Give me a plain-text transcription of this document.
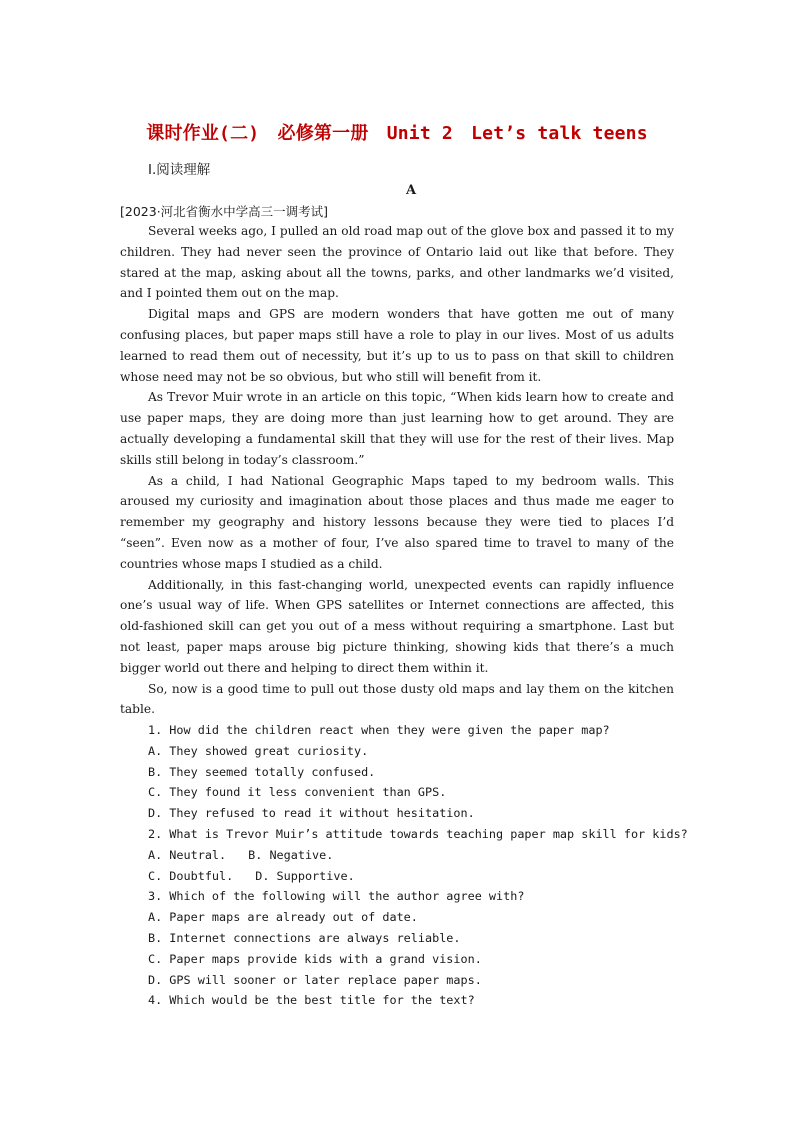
课时作业(二)　必修第一册　Unit 2　Let’s talk teens
Ⅰ.阅读理解
A
[2023·河北省衡水中学高三一调考试]

Several weeks ago, I pulled an old road map out of the glove box and passed it to my children. They had never seen the province of Ontario laid out like that before. They stared at the map, asking about all the towns, parks, and other landmarks we’d visited, and I pointed them out on the map.

Digital maps and GPS are modern wonders that have gotten me out of many confusing places, but paper maps still have a role to play in our lives. Most of us adults learned to read them out of necessity, but it’s up to us to pass on that skill to children whose need may not be so obvious, but who still will benefit from it.

As Trevor Muir wrote in an article on this topic, “When kids learn how to create and use paper maps, they are doing more than just learning how to get around. They are actually developing a fundamental skill that they will use for the rest of their lives. Map skills still belong in today’s classroom.”

As a child, I had National Geographic Maps taped to my bedroom walls. This aroused my curiosity and imagination about those places and thus made me eager to remember my geography and history lessons because they were tied to places I’d “seen”. Even now as a mother of four, I’ve also spared time to travel to many of the countries whose maps I studied as a child.

Additionally, in this fast-changing world, unexpected events can rapidly influence one’s usual way of life. When GPS satellites or Internet connections are affected, this old-fashioned skill can get you out of a mess without requiring a smartphone. Last but not least, paper maps arouse big picture thinking, showing kids that there’s a much bigger world out there and helping to direct them within it.

So, now is a good time to pull out those dusty old maps and lay them on the kitchen table.

1. How did the children react when they were given the paper map?
A. They showed great curiosity.
B. They seemed totally confused.
C. They found it less convenient than GPS.
D. They refused to read it without hesitation.
2. What is Trevor Muir’s attitude towards teaching paper map skill for kids?
A. Neutral. B. Negative.
C. Doubtful. D. Supportive.
3. Which of the following will the author agree with?
A. Paper maps are already out of date.
B. Internet connections are always reliable.
C. Paper maps provide kids with a grand vision.
D. GPS will sooner or later replace paper maps.
4. Which would be the best title for the text?
